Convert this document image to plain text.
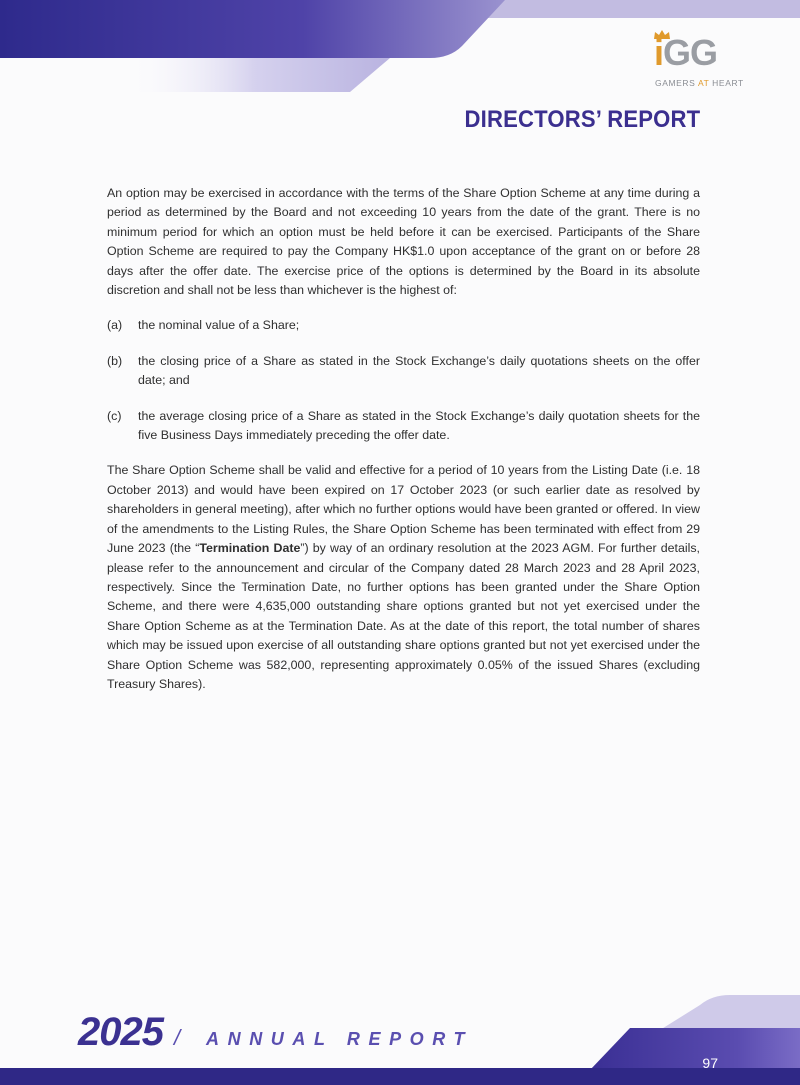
iGG
GAMERS AT HEART
DIRECTORS’ REPORT

An option may be exercised in accordance with the terms of the Share Option Scheme at any time during a period as determined by the Board and not exceeding 10 years from the date of the grant. There is no minimum period for which an option must be held before it can be exercised. Participants of the Share Option Scheme are required to pay the Company HK$1.0 upon acceptance of the grant on or before 28 days after the offer date. The exercise price of the options is determined by the Board in its absolute discretion and shall not be less than whichever is the highest of:

(a)	the nominal value of a Share;
(b)	the closing price of a Share as stated in the Stock Exchange’s daily quotations sheets on the offer date; and
(c)	the average closing price of a Share as stated in the Stock Exchange’s daily quotation sheets for the five Business Days immediately preceding the offer date.

The Share Option Scheme shall be valid and effective for a period of 10 years from the Listing Date (i.e. 18 October 2013) and would have been expired on 17 October 2023 (or such earlier date as resolved by shareholders in general meeting), after which no further options would have been granted or offered. In view of the amendments to the Listing Rules, the Share Option Scheme has been terminated with effect from 29 June 2023 (the “Termination Date”) by way of an ordinary resolution at the 2023 AGM. For further details, please refer to the announcement and circular of the Company dated 28 March 2023 and 28 April 2023, respectively. Since the Termination Date, no further options has been granted under the Share Option Scheme, and there were 4,635,000 outstanding share options granted but not yet exercised under the Share Option Scheme as at the Termination Date. As at the date of this report, the total number of shares which may be issued upon exercise of all outstanding share options granted but not yet exercised under the Share Option Scheme was 582,000, representing approximately 0.05% of the issued Shares (excluding Treasury Shares).

2025 / ANNUAL REPORT
97
